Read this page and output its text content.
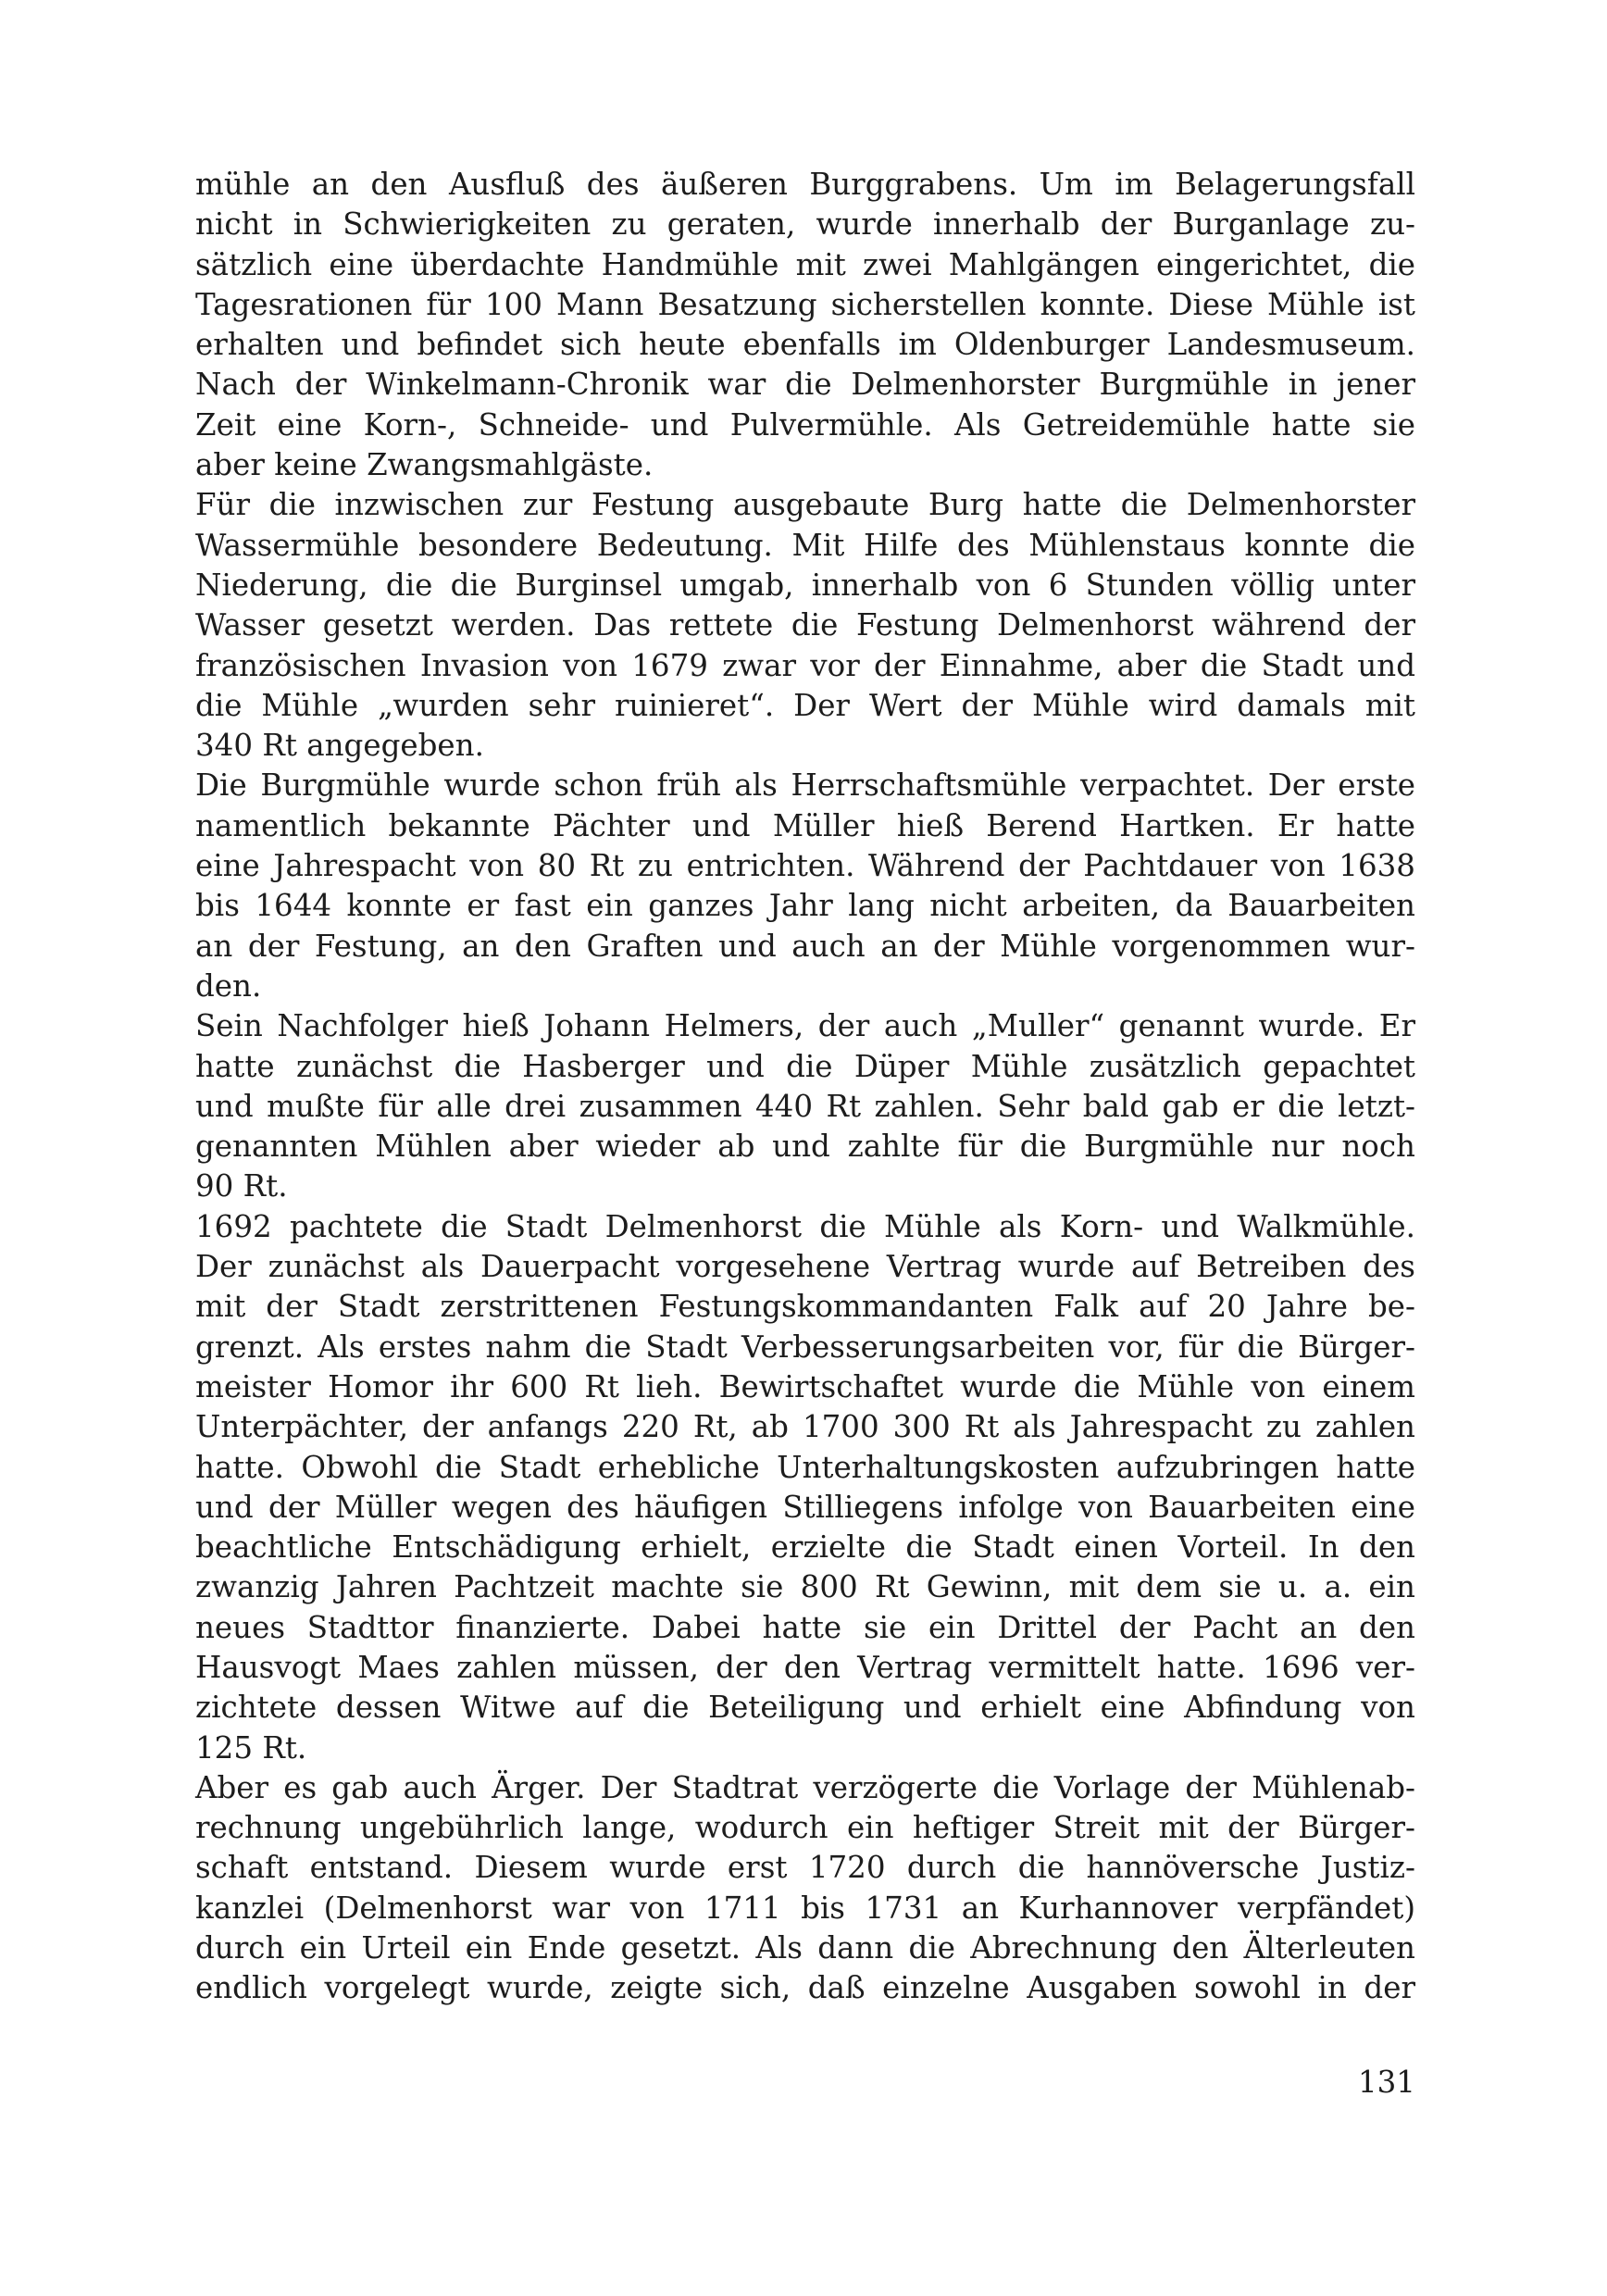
mühle an den Ausfluß des äußeren Burggrabens. Um im Belagerungsfall
nicht in Schwierigkeiten zu geraten, wurde innerhalb der Burganlage zu-
sätzlich eine überdachte Handmühle mit zwei Mahlgängen eingerichtet, die
Tagesrationen für 100 Mann Besatzung sicherstellen konnte. Diese Mühle ist
erhalten und befindet sich heute ebenfalls im Oldenburger Landesmuseum.
Nach der Winkelmann-Chronik war die Delmenhorster Burgmühle in jener
Zeit eine Korn-, Schneide- und Pulvermühle. Als Getreidemühle hatte sie
aber keine Zwangsmahlgäste.
Für die inzwischen zur Festung ausgebaute Burg hatte die Delmenhorster
Wassermühle besondere Bedeutung. Mit Hilfe des Mühlenstaus konnte die
Niederung, die die Burginsel umgab, innerhalb von 6 Stunden völlig unter
Wasser gesetzt werden. Das rettete die Festung Delmenhorst während der
französischen Invasion von 1679 zwar vor der Einnahme, aber die Stadt und
die Mühle „wurden sehr ruinieret“. Der Wert der Mühle wird damals mit
340 Rt angegeben.
Die Burgmühle wurde schon früh als Herrschaftsmühle verpachtet. Der erste
namentlich bekannte Pächter und Müller hieß Berend Hartken. Er hatte
eine Jahrespacht von 80 Rt zu entrichten. Während der Pachtdauer von 1638
bis 1644 konnte er fast ein ganzes Jahr lang nicht arbeiten, da Bauarbeiten
an der Festung, an den Graften und auch an der Mühle vorgenommen wur-
den.
Sein Nachfolger hieß Johann Helmers, der auch „Muller“ genannt wurde. Er
hatte zunächst die Hasberger und die Düper Mühle zusätzlich gepachtet
und mußte für alle drei zusammen 440 Rt zahlen. Sehr bald gab er die letzt-
genannten Mühlen aber wieder ab und zahlte für die Burgmühle nur noch
90 Rt.
1692 pachtete die Stadt Delmenhorst die Mühle als Korn- und Walkmühle.
Der zunächst als Dauerpacht vorgesehene Vertrag wurde auf Betreiben des
mit der Stadt zerstrittenen Festungskommandanten Falk auf 20 Jahre be-
grenzt. Als erstes nahm die Stadt Verbesserungsarbeiten vor, für die Bürger-
meister Homor ihr 600 Rt lieh. Bewirtschaftet wurde die Mühle von einem
Unterpächter, der anfangs 220 Rt, ab 1700 300 Rt als Jahrespacht zu zahlen
hatte. Obwohl die Stadt erhebliche Unterhaltungskosten aufzubringen hatte
und der Müller wegen des häufigen Stilliegens infolge von Bauarbeiten eine
beachtliche Entschädigung erhielt, erzielte die Stadt einen Vorteil. In den
zwanzig Jahren Pachtzeit machte sie 800 Rt Gewinn, mit dem sie u. a. ein
neues Stadttor finanzierte. Dabei hatte sie ein Drittel der Pacht an den
Hausvogt Maes zahlen müssen, der den Vertrag vermittelt hatte. 1696 ver-
zichtete dessen Witwe auf die Beteiligung und erhielt eine Abfindung von
125 Rt.
Aber es gab auch Ärger. Der Stadtrat verzögerte die Vorlage der Mühlenab-
rechnung ungebührlich lange, wodurch ein heftiger Streit mit der Bürger-
schaft entstand. Diesem wurde erst 1720 durch die hannöversche Justiz-
kanzlei (Delmenhorst war von 1711 bis 1731 an Kurhannover verpfändet)
durch ein Urteil ein Ende gesetzt. Als dann die Abrechnung den Älterleuten
endlich vorgelegt wurde, zeigte sich, daß einzelne Ausgaben sowohl in der
131
